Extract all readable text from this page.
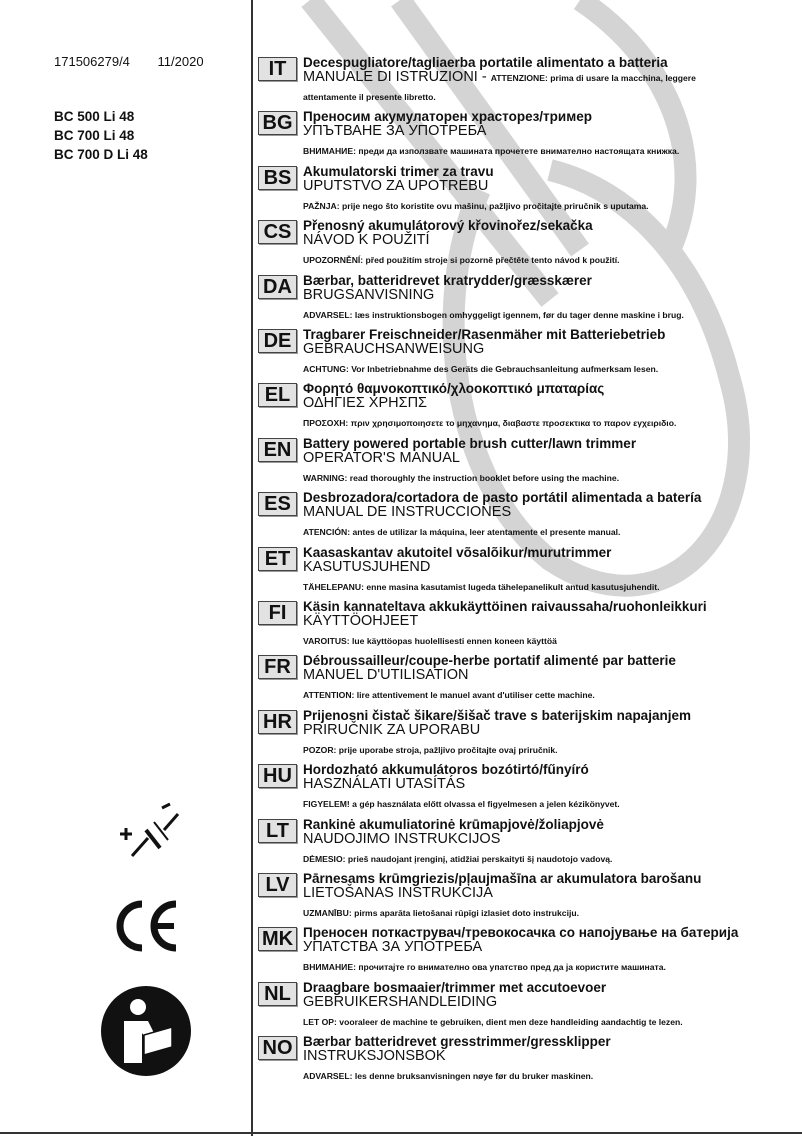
171506279/4 11/2020
BC 500 Li 48
BC 700 Li 48
BC 700 D Li 48
IT	Decespugliatore/tagliaerba portatile alimentato a batteria
MANUALE DI ISTRUZIONI - ATTENZIONE: prima di usare la macchina, leggere
attentamente il presente libretto.
BG Преносим акумулаторен храсторез/тример
УПЪТВАНЕ ЗА УПОТРЕБА
ВНИМАНИЕ: преди да използвате машината прочетете внимателно настоящата книжка.
BS Akumulatorski trimer za travu
UPUTSTVO ZA UPOTREBU
PAŽNJA: prije nego što koristite ovu mašinu, pažljivo pročitajte priručnik s uputama.
CS Přenosný akumulátorový křovinořez/sekačka
NÁVOD K POUŽITÍ
UPOZORNĚNÍ: před použitím stroje si pozorně přečtěte tento návod k použití.
DA Bærbar, batteridrevet kratrydder/græsskærer
BRUGSANVISNING
ADVARSEL: læs instruktionsbogen omhyggeligt igennem, før du tager denne maskine i brug.
DE Tragbarer Freischneider/Rasenmäher mit Batteriebetrieb
GEBRAUCHSANWEISUNG
ACHTUNG: Vor Inbetriebnahme des Geräts die Gebrauchsanleitung aufmerksam lesen.
EL Φορητό θαμνοκοπτικό/χλοοκοπτικό μπαταρίας
ΟΔΗΓΙΕΣ ΧΡΗΣΠΣ
ΠΡΟΣΟΧΗ: πριν χρησιμοποιησετε το μηχανημα, διαβαστε προσεκτικα το παρον εγχειριδιο.
EN Battery powered portable brush cutter/lawn trimmer
OPERATOR'S MANUAL
WARNING: read thoroughly the instruction booklet before using the machine.
ES Desbrozadora/cortadora de pasto portátil alimentada a batería
MANUAL DE INSTRUCCIONES
ATENCIÓN: antes de utilizar la máquina, leer atentamente el presente manual.
ET Kaasaskantav akutoitel võsalõikur/murutrimmer
KASUTUSJUHEND
TÄHELEPANU: enne masina kasutamist lugeda tähelepanelikult antud kasutusjuhendit.
FI	Käsin kannateltava akkukäyttöinen raivaussaha/ruohonleikkuri
KÄYTTÖOHJEET
VAROITUS: lue käyttöopas huolellisesti ennen koneen käyttöä
FR Débroussailleur/coupe-herbe portatif alimenté par batterie
MANUEL D'UTILISATION
ATTENTION: lire attentivement le manuel avant d'utiliser cette machine.
HR Prijenosni čistač šikare/šišač trave s baterijskim napajanjem
PRIRUČNIK ZA UPORABU
POZOR: prije uporabe stroja, pažljivo pročitajte ovaj priručnik.
HU Hordozható akkumulátoros bozótirtó/fűnyíró
HASZNÁLATI UTASÍTÁS
FIGYELEM! a gép használata előtt olvassa el figyelmesen a jelen kézikönyvet.
LT	Rankinė akumuliatorinė krūmapjovė/žoliapjovė
NAUDOJIMO INSTRUKCIJOS
DĖMESIO: prieš naudojant įrenginį, atidžiai perskaityti šį naudotojo vadovą.
LV Pārnesams krūmgriezis/pļaujmašīna ar akumulatora barošanu
LIETOŠANAS INSTRUKCIJA
UZMANĪBU: pirms aparāta lietošanai rūpīgi izlasiet doto instrukciju.
MK Преносен поткаструвач/тревокосачка со напојување на батерија
УПАТСТВА ЗА УПОТРЕБА
ВНИМАНИЕ: прочитајте го внимателно ова упатство пред да ја користите машината.
NL Draagbare bosmaaier/trimmer met accutoevoer
GEBRUIKERSHANDLEIDING
LET OP: vooraleer de machine te gebruiken, dient men deze handleiding aandachtig te lezen.
NO Bærbar batteridrevet gresstrimmer/gressklipper
INSTRUKSJONSBOK
ADVARSEL: les denne bruksanvisningen nøye før du bruker maskinen.
